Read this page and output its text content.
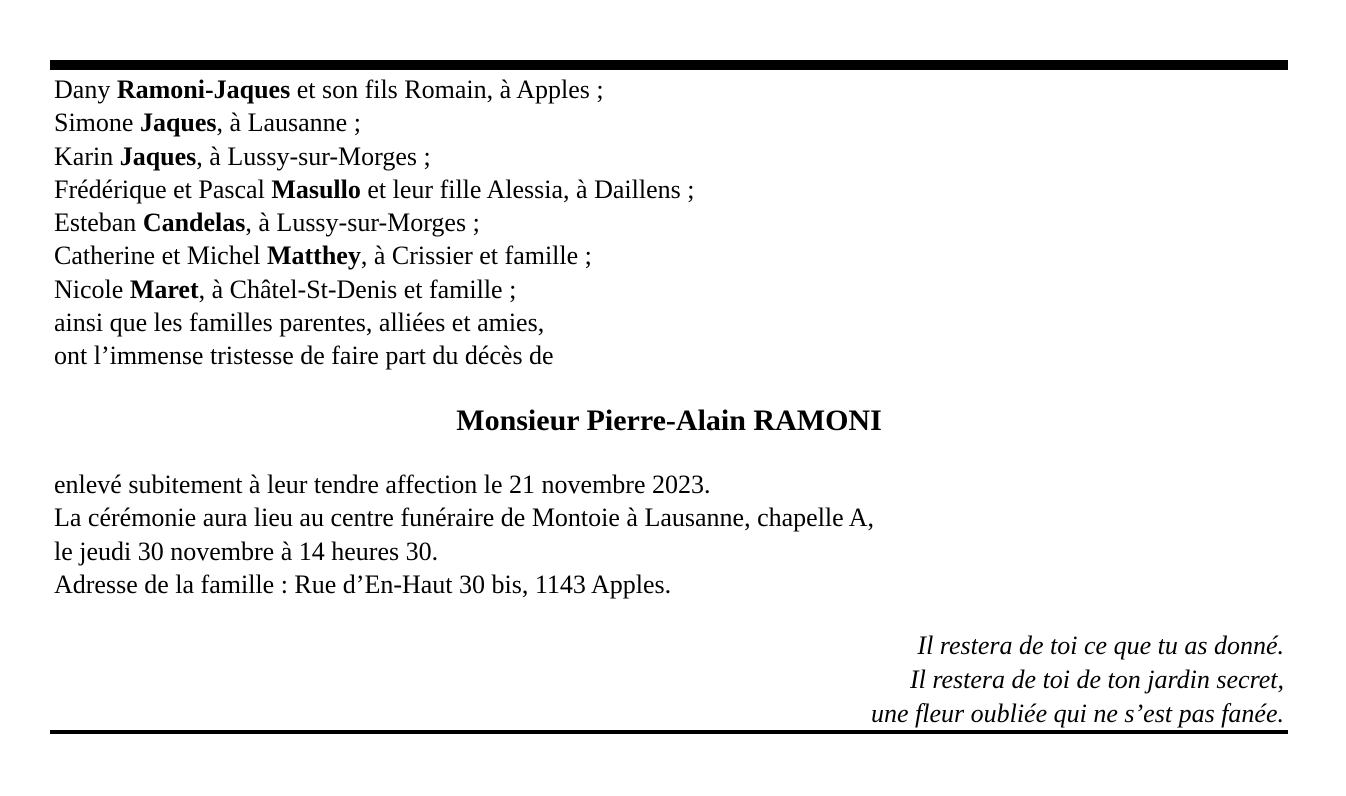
Dany Ramoni-Jaques et son fils Romain, à Apples ;
Simone Jaques, à Lausanne ;
Karin Jaques, à Lussy-sur-Morges ;
Frédérique et Pascal Masullo et leur fille Alessia, à Daillens ;
Esteban Candelas, à Lussy-sur-Morges ;
Catherine et Michel Matthey, à Crissier et famille ;
Nicole Maret, à Châtel-St-Denis et famille ;
ainsi que les familles parentes, alliées et amies,
ont l’immense tristesse de faire part du décès de
Monsieur Pierre-Alain RAMONI
enlevé subitement à leur tendre affection le 21 novembre 2023.
La cérémonie aura lieu au centre funéraire de Montoie à Lausanne, chapelle A,
le jeudi 30 novembre à 14 heures 30.
Adresse de la famille : Rue d’En-Haut 30 bis, 1143 Apples.
Il restera de toi ce que tu as donné.
Il restera de toi de ton jardin secret,
une fleur oubliée qui ne s’est pas fanée.
